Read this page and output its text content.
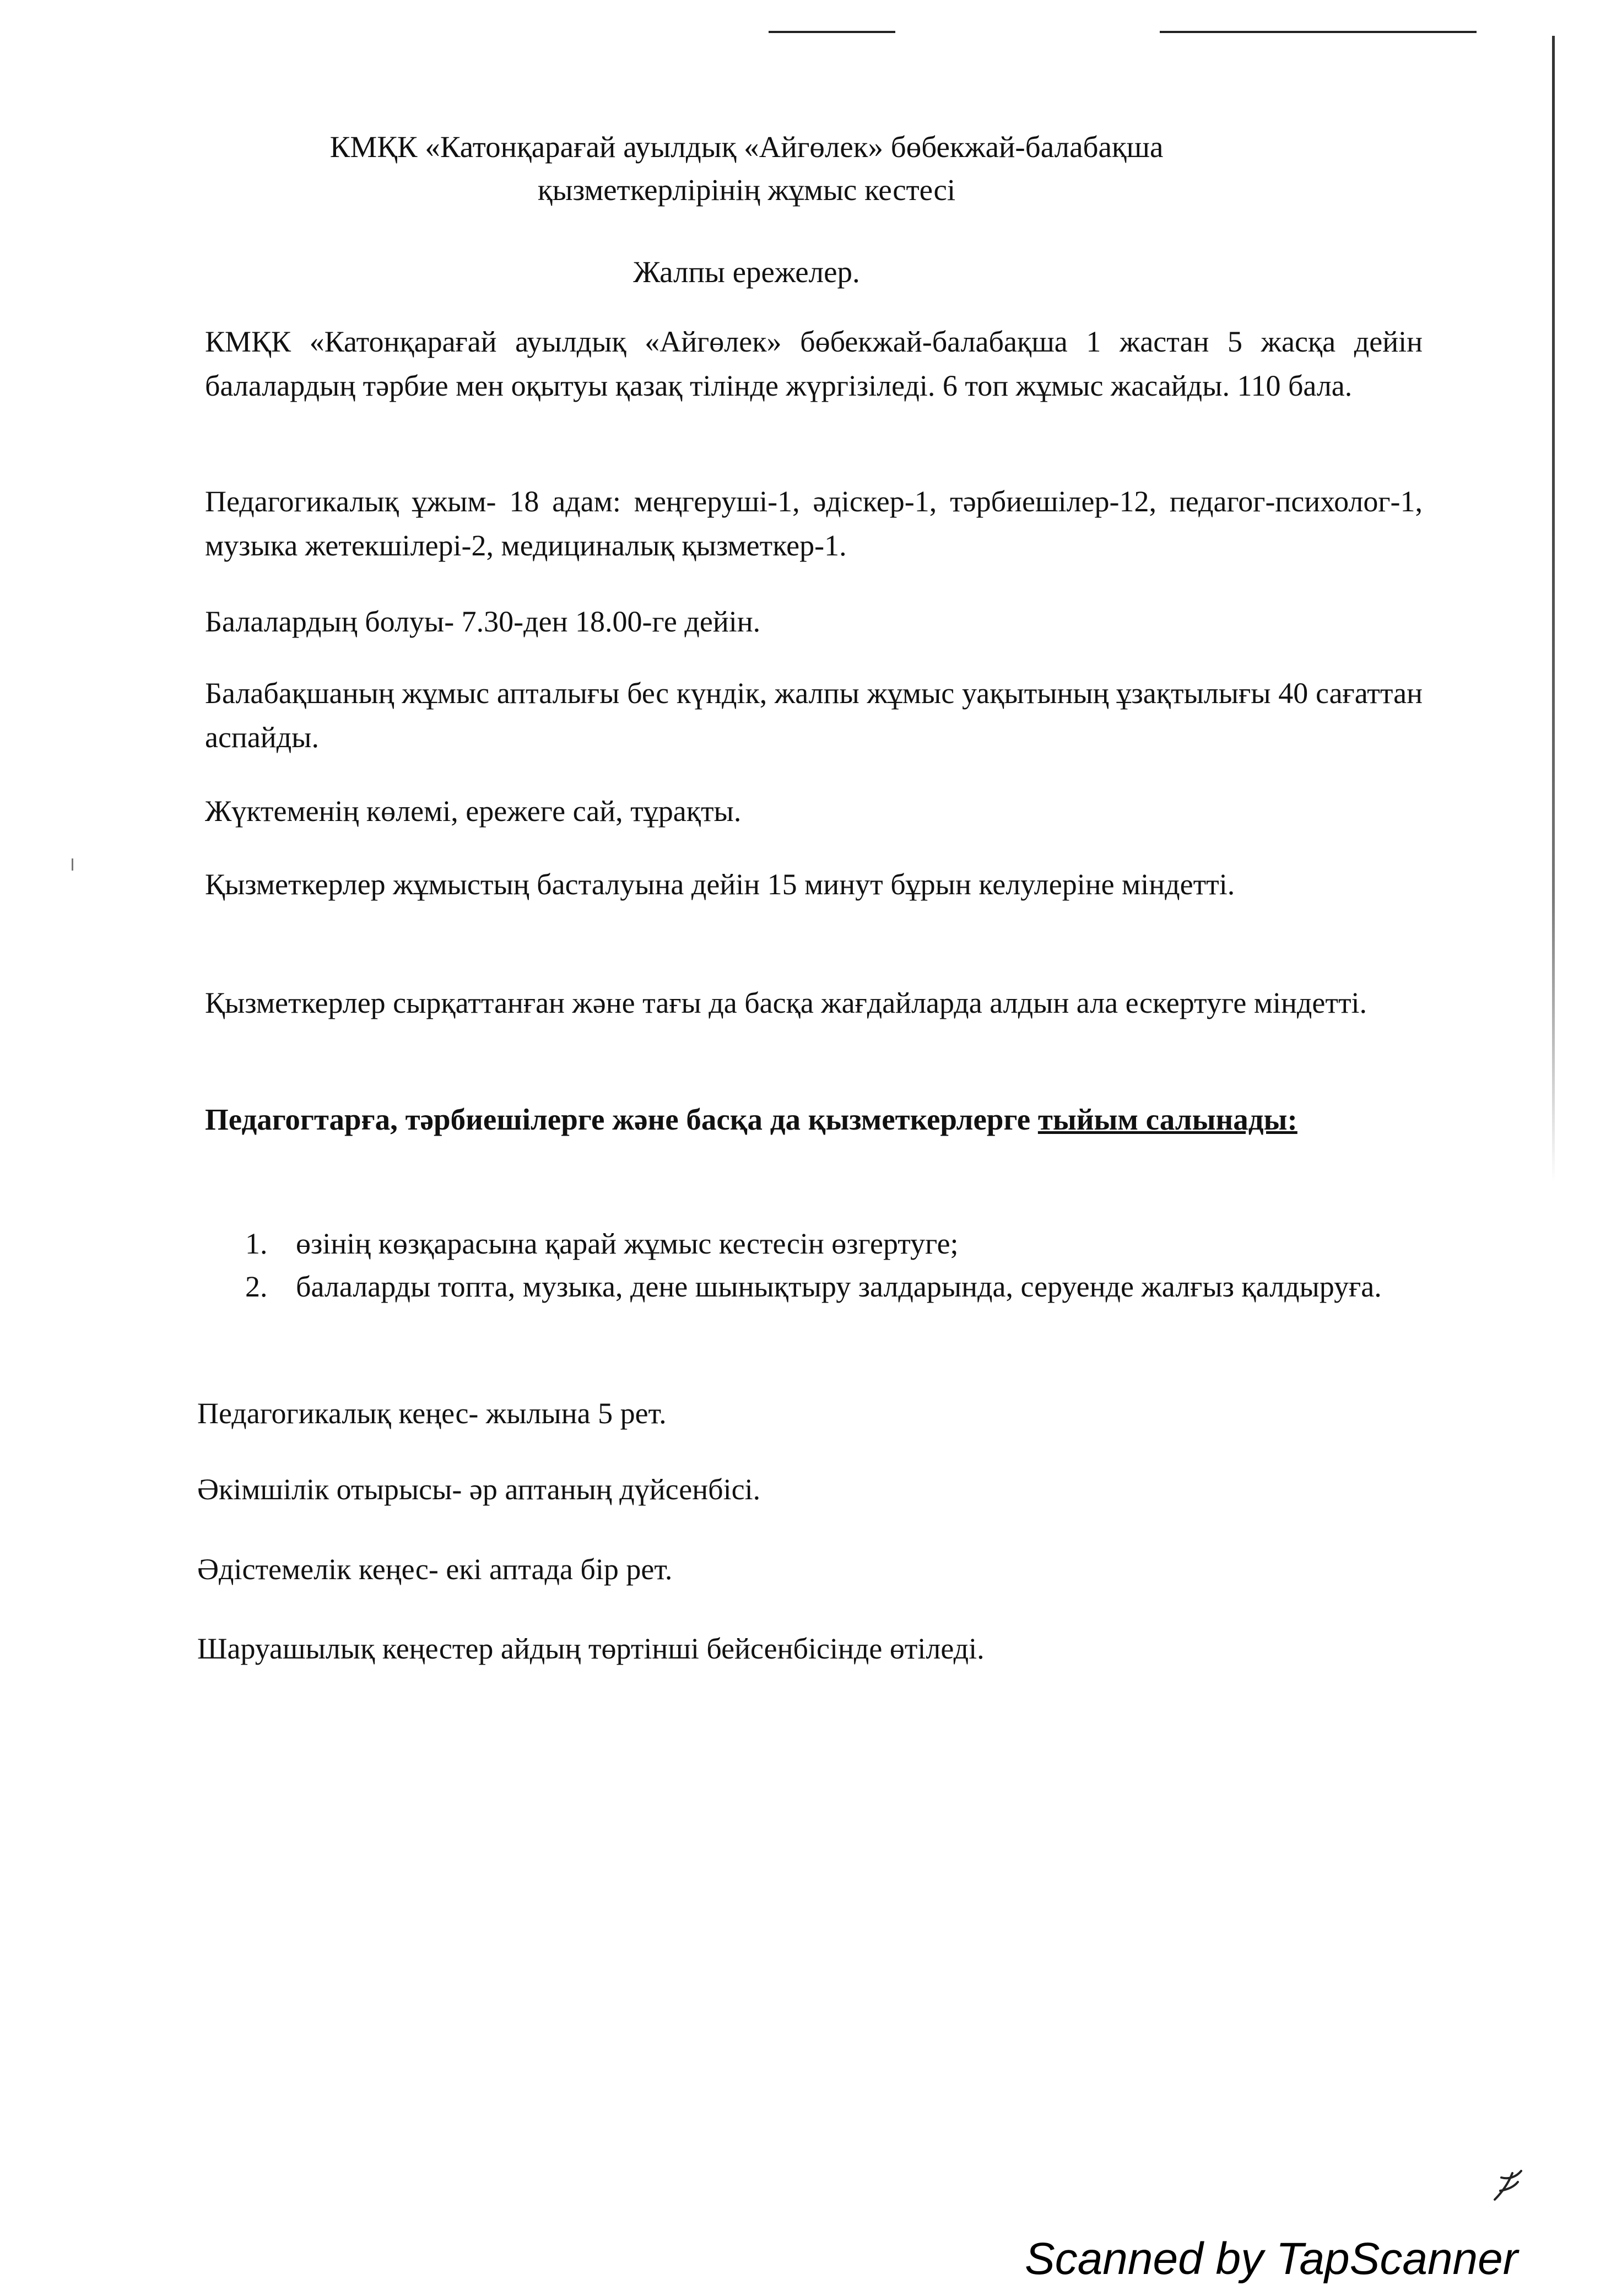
КМҚК «Катонқарағай ауылдық «Айгөлек» бөбекжай-балабақша
қызметкерлірінің жұмыс кестесі
Жалпы ережелер.
КМҚК «Катонқарағай ауылдық «Айгөлек» бөбекжай-балабақша 1 жастан 5 жасқа дейін балалардың тәрбие мен оқытуы қазақ тілінде жүргізіледі. 6 топ жұмыс жасайды. 110 бала.
Педагогикалық ұжым- 18 адам: меңгеруші-1, әдіскер-1, тәрбиешілер-12, педагог-психолог-1, музыка жетекшілері-2, медициналық қызметкер-1.
Балалардың болуы- 7.30-ден 18.00-ге дейін.
Балабақшаның жұмыс апталығы бес күндік, жалпы жұмыс уақытының ұзақтылығы 40 сағаттан аспайды.
Жүктеменің көлемі, ережеге сай, тұрақты.
Қызметкерлер жұмыстың басталуына дейін 15 минут бұрын келулеріне міндетті.
Қызметкерлер сырқаттанған және тағы да басқа жағдайларда алдын ала ескертуге міндетті.
Педагогтарға, тәрбиешілерге және басқа да қызметкерлерге тыйым салынады:
1. өзінің көзқарасына қарай жұмыс кестесін өзгертуге;
2. балаларды топта, музыка, дене шынықтыру залдарында, серуенде жалғыз қалдыруға.
Педагогикалық кеңес- жылына 5 рет.
Әкімшілік отырысы- әр аптаның дүйсенбісі.
Әдістемелік кеңес- екі аптада бір рет.
Шаруашылық кеңестер айдың төртінші бейсенбісінде өтіледі.
Scanned by TapScanner
